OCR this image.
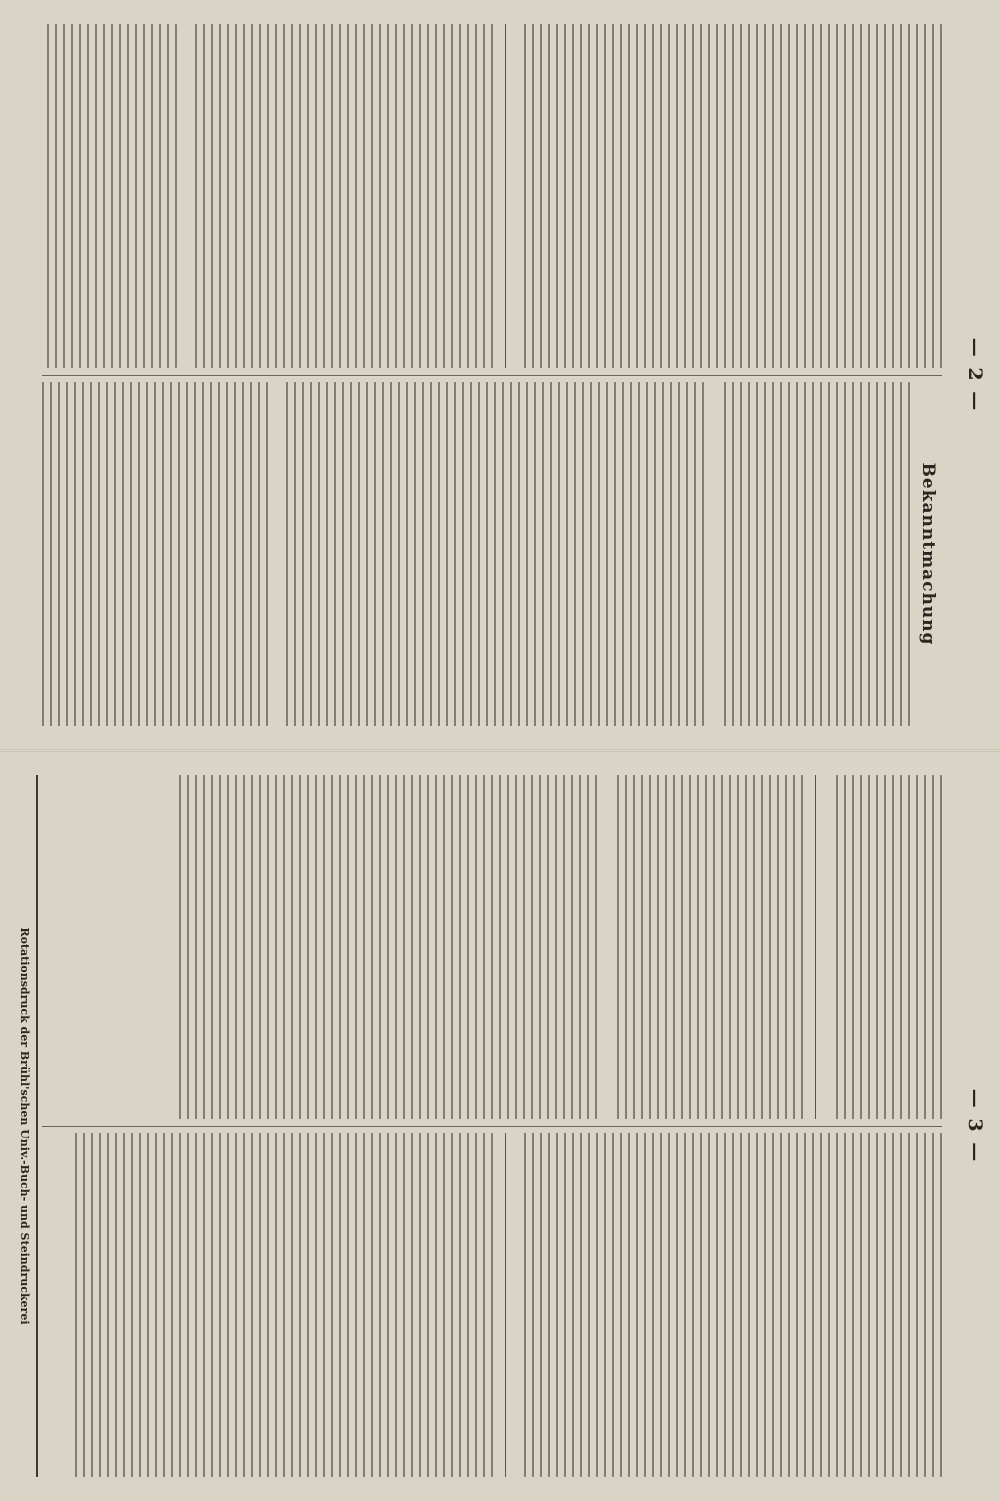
— 2 —
Bekanntmachung
— 3 —
Rotationsdruck der Brühl'schen Univ.-Buch- und Steindruckerei
